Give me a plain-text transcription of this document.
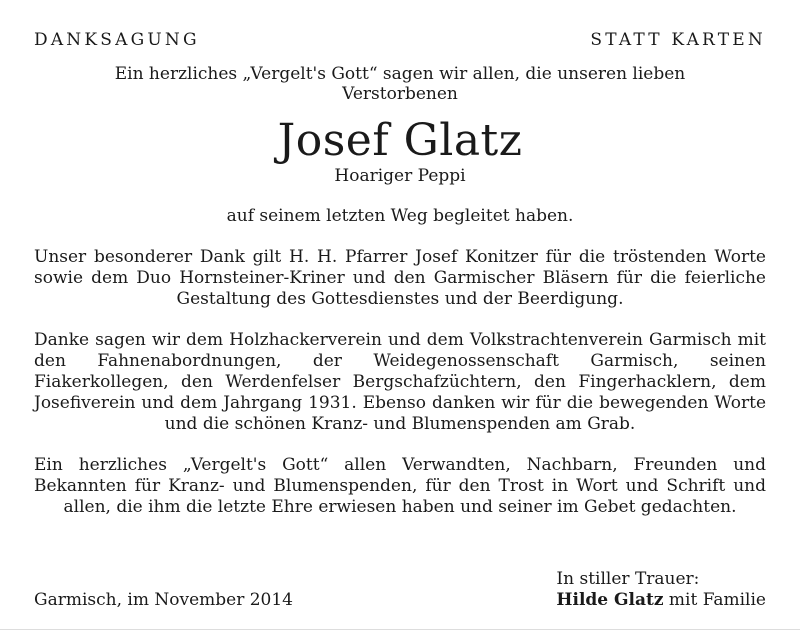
DANKSAGUNG	STATT KARTEN
Ein herzliches „Vergelt's Gott“ sagen wir allen, die unseren lieben
Verstorbenen
Josef Glatz
Hoariger Peppi
auf seinem letzten Weg begleitet haben.
Unser besonderer Dank gilt H. H. Pfarrer Josef Konitzer für die tröstenden Worte sowie dem Duo Hornsteiner-Kriner und den Garmischer Bläsern für die feierliche Gestaltung des Gottesdienstes und der Beerdigung.
Danke sagen wir dem Holzhackerverein und dem Volkstrachtenverein Garmisch mit den Fahnenabordnungen, der Weidegenossenschaft Garmisch, seinen Fiakerkollegen, den Werdenfelser Bergschafzüchtern, den Fingerhacklern, dem Josefiverein und dem Jahrgang 1931. Ebenso danken wir für die bewegenden Worte und die schönen Kranz- und Blumenspenden am Grab.
Ein herzliches „Vergelt's Gott“ allen Verwandten, Nachbarn, Freunden und Bekannten für Kranz- und Blumenspenden, für den Trost in Wort und Schrift und allen, die ihm die letzte Ehre erwiesen haben und seiner im Gebet gedachten.
Garmisch, im November 2014
In stiller Trauer:
Hilde Glatz mit Familie
